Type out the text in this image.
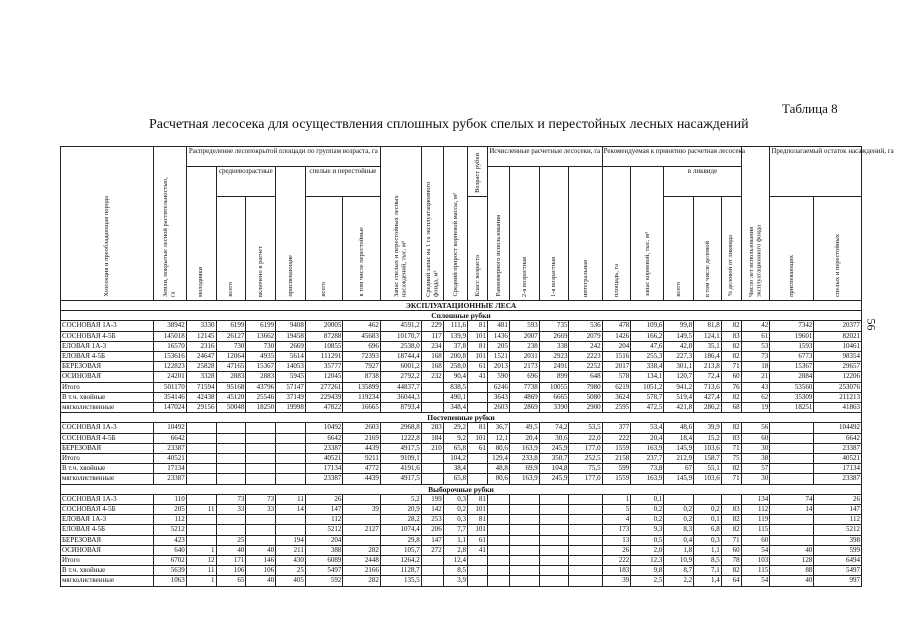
Таблица 8
Расчетная лесосека для осуществления сплошных рубок спелых и перестойных лесных насаждений
56
Хозсекция и преобладающая порода	Земли, покрытые лесной растительностью, га	Распределение лесопокрытой площади по группам возраста, га						Запас спелых и перестойных лесных насаждений, тыс. м³	Средний запас на 1 га эксплуатационного фонда, м³	Средний прирост корневой массы, м³	Возраст рубки	Исчисленные расчетные лесосеки, га				Рекомендуемая к принятию расчетная лесосека					Число лет использования эксплуатационного фонда	Предполагаемый остаток насаждений, га	
		молодняки	средневозрастные		приспевающие	спелые и перестойные						Равномерного использования	2-я возрастная	1-я возрастная	интегральная	площадь, га	запас корневой, тыс. м³	в ликвиде					
			всего	включено в расчет		всего	в том числе перестойные				Класс возраста							всего	в том числе деловой	% деловой от ликвида		приспевающих	спелых и перестойных
ЭКСПЛУАТАЦИОННЫЕ ЛЕСА																							
Сплошные рубки																							
СОСНОВАЯ 1А-3	38942	3330	6199	6199	9408	20005	462	4591,2	229	111,6	81	481	593	735	536	478	109,6	99,8	81,8	82	42	7342	20377
СОСНОВАЯ 4-5Б	145018	12145	26127	13662	19458	87288	45683	10170,7	117	139,9	101	1436	2007	2669	2079	1426	166,2	149,5	124,1	83	61	19601	82021
ЕЛОВАЯ 1А-3	16570	2316	730	730	2669	10855	696	2538,0	234	37,8	81	205	238	338	242	204	47,6	42,8	35,1	82	53	1593	10461
ЕЛОВАЯ 4-5Б	153616	24647	12064	4935	5614	111291	72393	18744,4	168	200,8	101	1521	2031	2923	2223	1516	255,3	227,3	186,4	82	73	6773	98354
БЕРЕЗОВАЯ	122823	25828	47165	15367	14053	35777	7927	6001,2	168	258,0	61	2013	2173	2491	2252	2017	338,4	301,1	213,8	71	18	15367	29657
ОСИНОВАЯ	24201	3328	2883	2883	5945	12045	8738	2792,2	232	90,4	41	590	696	899	648	578	134,1	120,7	72,4	60	21	2884	12206
Итого	501170	71594	95168	43796	57147	277261	135899	44837,7		838,5		6246	7738	10055	7980	6219	1051,2	941,2	713,6	76	43	53560	253076
В т.ч. хвойные	354146	42438	45120	25546	37149	229439	119234	36044,3		490,1		3643	4869	6665	5080	3624	578,7	519,4	427,4	82	62	35309	211213
мягколиственные	147024	29156	50048	18250	19998	47822	16665	8793,4		348,4		2603	2869	3390	2900	2595	472,5	421,8	286,2	68	19	18251	41863
Постепенные рубки																							
СОСНОВАЯ 1А-3	10492					10492	2603	2968,8	283	29,2	81	36,7	49,5	74,2	53,5	377	53,4	48,6	39,9	82	56		104492
СОСНОВАЯ 4-5Б	6642					6642	2169	1222,8	184	9,2	101	12,1	20,4	30,6	22,0	222	20,4	18,4	15,2	83	60		6642
БЕРЕЗОВАЯ	23387					23387	4439	4917,5	210	65,8	61	80,6	163,9	245,9	177,0	1559	163,9	145,9	103,6	71	30		23387
Итого	40521					40521	9211	9109,1		104,2		129,4	233,8	350,7	252,5	2158	237,7	212,9	158,7	75	38		40521
В т.ч. хвойные	17134					17134	4772	4191,6		38,4		48,8	69,9	104,8	75,5	599	73,8	67	55,1	82	57		17134
мягколиственные	23387					23387	4439	4917,5		65,8		80,6	163,9	245,9	177,0	1559	163,9	145,9	103,6	71	30		23387
Выборочные рубки																							
СОСНОВАЯ 1А-3	110		73	73	11	26		5,2	199	0,3	81					1	0,1				134	74	26
СОСНОВАЯ 4-5Б	205	11	33	33	14	147	39	20,9	142	0,2	101					5	0,2	0,2	0,2	83	112	14	147
ЕЛОВАЯ 1А-3	112					112		28,2	253	0,3	81					4	0,2	0,2	0,1	82	119		112
ЕЛОВАЯ 4-5Б	5212					5212	2127	1074,4	206	7,7	101					173	9,3	8,3	6,8	82	115		5212
БЕРЕЗОВАЯ	423		25		194	204		29,8	147	1,1	61					13	0,5	0,4	0,3	71	60		398
ОСИНОВАЯ	640	1	40	40	211	388	282	105,7	272	2,8	41					26	2,0	1,8	1,1	60	54	40	599
Итого	6702	12	171	146	430	6089	2448	1264,2		12,4						222	12,3	10,9	8,5	78	103	128	6494
В т.ч. хвойные	5639	11	106	106	25	5497	2166	1128,7		8,5						183	9,8	8,7	7,1	82	115	88	5497
мягколиственные	1063	1	65	40	405	592	282	135,5		3,9						39	2,5	2,2	1,4	64	54	40	997
